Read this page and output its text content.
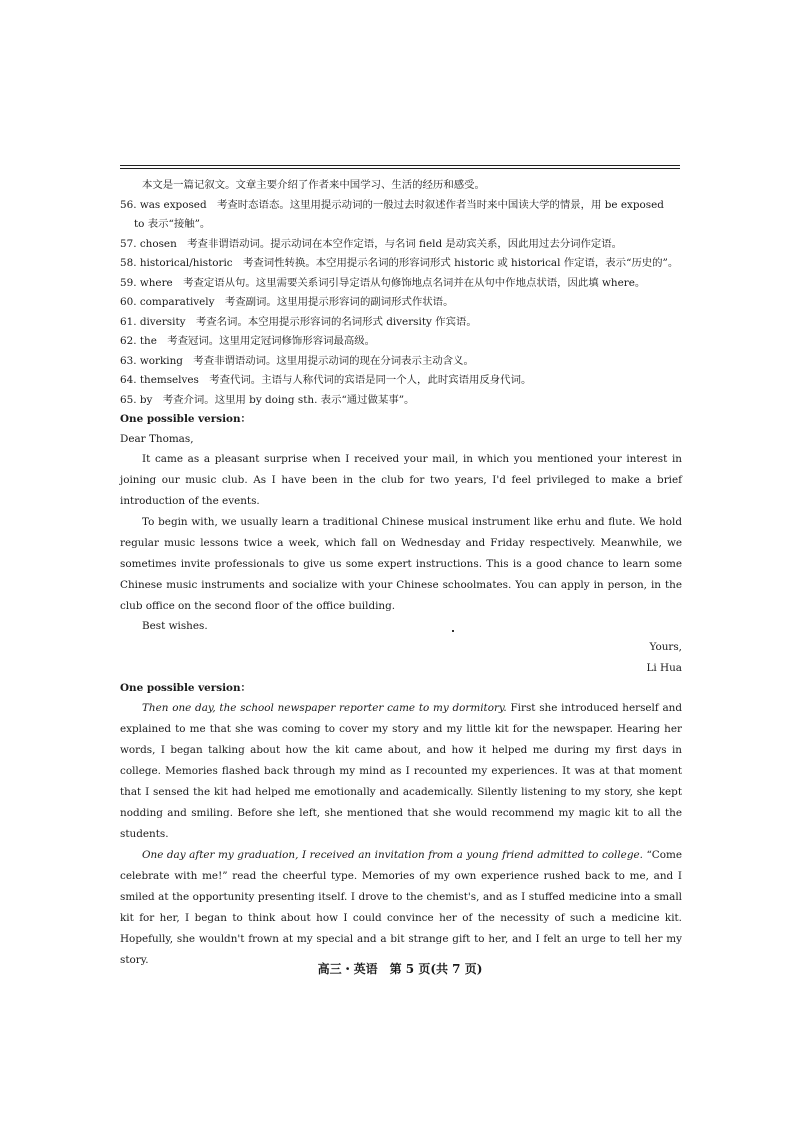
本文是一篇记叙文。文章主要介绍了作者来中国学习、生活的经历和感受。

56. was exposed　考查时态语态。这里用提示动词的一般过去时叙述作者当时来中国读大学的情景，用 be exposed

to 表示“接触”。

57. chosen　考查非谓语动词。提示动词在本空作定语，与名词 field 是动宾关系，因此用过去分词作定语。

58. historical/historic　考查词性转换。本空用提示名词的形容词形式 historic 或 historical 作定语，表示“历史的”。

59. where　考查定语从句。这里需要关系词引导定语从句修饰地点名词并在从句中作地点状语，因此填 where。

60. comparatively　考查副词。这里用提示形容词的副词形式作状语。

61. diversity　考查名词。本空用提示形容词的名词形式 diversity 作宾语。

62. the　考查冠词。这里用定冠词修饰形容词最高级。

63. working　考查非谓语动词。这里用提示动词的现在分词表示主动含义。

64. themselves　考查代词。主语与人称代词的宾语是同一个人，此时宾语用反身代词。

65. by　考查介词。这里用 by doing sth. 表示“通过做某事”。

One possible version：

Dear Thomas,

It came as a pleasant surprise when I received your mail, in which you mentioned your interest in joining our music club. As I have been in the club for two years, I'd feel privileged to make a brief introduction of the events.

To begin with, we usually learn a traditional Chinese musical instrument like erhu and flute. We hold regular music lessons twice a week, which fall on Wednesday and Friday respectively. Meanwhile, we sometimes invite professionals to give us some expert instructions. This is a good chance to learn some Chinese music instruments and socialize with your Chinese schoolmates. You can apply in person, in the club office on the second floor of the office building.

Best wishes.

Yours,

Li Hua

One possible version：

Then one day, the school newspaper reporter came to my dormitory. First she introduced herself and explained to me that she was coming to cover my story and my little kit for the newspaper. Hearing her words, I began talking about how the kit came about, and how it helped me during my first days in college. Memories flashed back through my mind as I recounted my experiences. It was at that moment that I sensed the kit had helped me emotionally and academically. Silently listening to my story, she kept nodding and smiling. Before she left, she mentioned that she would recommend my magic kit to all the students.

One day after my graduation, I received an invitation from a young friend admitted to college. “Come celebrate with me!” read the cheerful type. Memories of my own experience rushed back to me, and I smiled at the opportunity presenting itself. I drove to the chemist's, and as I stuffed medicine into a small kit for her, I began to think about how I could convince her of the necessity of such a medicine kit. Hopefully, she wouldn't frown at my special and a bit strange gift to her, and I felt an urge to tell her my story.

高三・英语　第 5 页(共 7 页)
